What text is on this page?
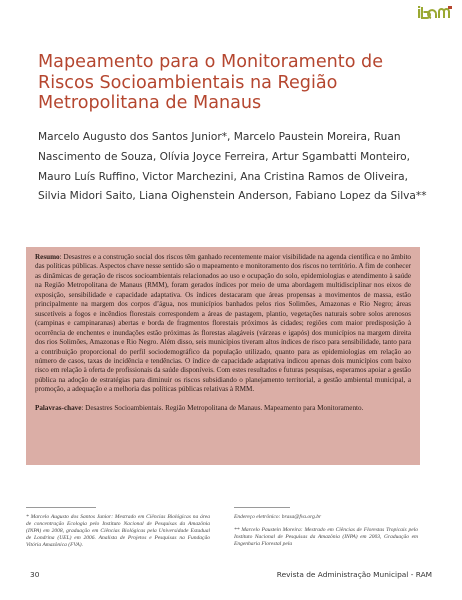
Mapeamento para o Monitoramento de Riscos Socioambientais na Região Metropolitana de Manaus

Marcelo Augusto dos Santos Junior*, Marcelo Paustein Moreira, Ruan Nascimento de Souza, Olívia Joyce Ferreira, Artur Sgambatti Monteiro, Mauro Luís Ruffino, Victor Marchezini, Ana Cristina Ramos de Oliveira, Silvia Midori Saito, Liana Oighenstein Anderson, Fabiano Lopez da Silva**

Resumo: Desastres e a construção social dos riscos têm ganhado recentemente maior visibilidade na agenda científica e no âmbito das políticas públicas. Aspectos chave nesse sentido são o mapeamento e monitoramento dos riscos no território. A fim de conhecer as dinâmicas de geração de riscos socioambientais relacionados ao uso e ocupação do solo, epidemiologias e atendimento à saúde na Região Metropolitana de Manaus (RMM), foram gerados índices por meio de uma abordagem multidisciplinar nos eixos de exposição, sensibilidade e capacidade adaptativa. Os índices destacaram que áreas propensas a movimentos de massa, estão principalmente na margem dos corpos d’água, nos municípios banhados pelos rios Solimões, Amazonas e Rio Negro; áreas suscetíveis a fogos e incêndios florestais correspondem a áreas de pastagem, plantio, vegetações naturais sobre solos arenosos (campinas e campinaranas) abertas e borda de fragmentos florestais próximos às cidades; regiões com maior predisposição à ocorrência de enchentes e inundações estão próximas às florestas alagáveis (várzeas e igapós) dos municípios na margem direita dos rios Solimões, Amazonas e Rio Negro. Além disso, seis municípios tiveram altos índices de risco para sensibilidade, tanto para a contribuição proporcional do perfil sociodemográfico da população utilizado, quanto para as epidemiologias em relação ao número de casos, taxas de incidência e tendências. O índice de capacidade adaptativa indicou apenas dois municípios com baixo risco em relação à oferta de profissionais da saúde disponíveis. Com estes resultados e futuras pesquisas, esperamos apoiar a gestão pública na adoção de estratégias para diminuir os riscos subsidiando o planejamento territorial, a gestão ambiental municipal, a promoção, a adequação e a melhoria das políticas públicas relativas à RMM.

Palavras-chave: Desastres Socioambientais. Região Metropolitana de Manaus. Mapeamento para Monitoramento.

* Marcelo Augusto dos Santos Junior: Mestrado em Ciências Biológicas na área de concentração Ecologia pelo Instituto Nacional de Pesquisas da Amazônia (INPA) em 2008, graduação em Ciências Biológicas pela Universidade Estadual de Londrina (UEL) em 2006. Analista de Projetos e Pesquisas na Fundação Vitória Amazônica (FVA).

Endereço eletrônico: brasa@fva.org.br

** Marcelo Paustein Moreira: Mestrado em Ciências de Florestas Tropicais pelo Instituto Nacional de Pesquisas da Amazônia (INPA) em 2003, Graduação em Engenharia Florestal pela

30	Revista de Administração Municipal - RAM
